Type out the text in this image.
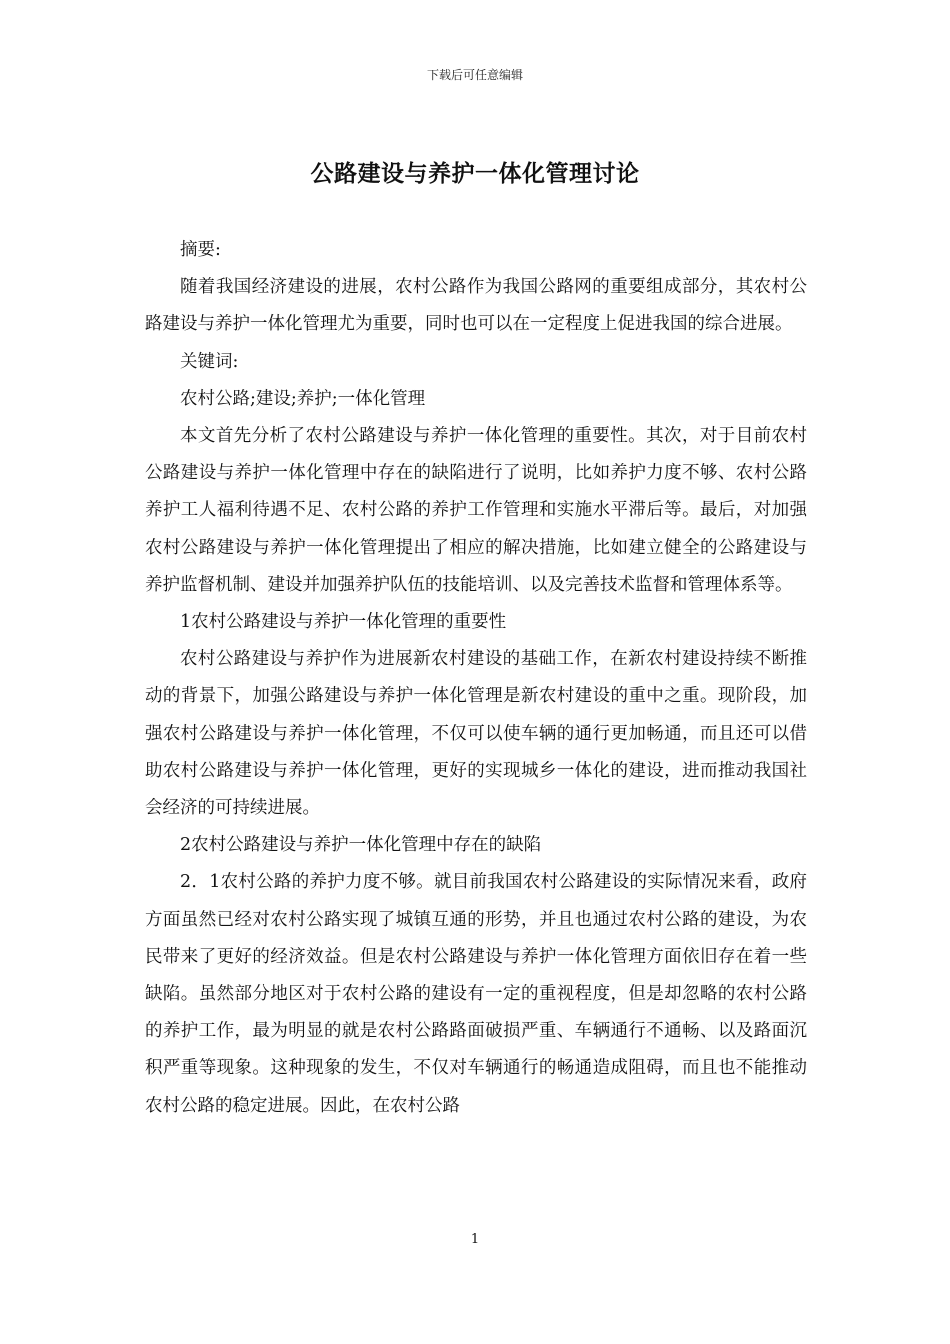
下载后可任意编辑
公路建设与养护一体化管理讨论

摘要:

随着我国经济建设的进展，农村公路作为我国公路网的重要组成部分，其农村公路建设与养护一体化管理尤为重要，同时也可以在一定程度上促进我国的综合进展。

关键词:

农村公路;建设;养护;一体化管理

本文首先分析了农村公路建设与养护一体化管理的重要性。其次，对于目前农村公路建设与养护一体化管理中存在的缺陷进行了说明，比如养护力度不够、农村公路养护工人福利待遇不足、农村公路的养护工作管理和实施水平滞后等。最后，对加强农村公路建设与养护一体化管理提出了相应的解决措施，比如建立健全的公路建设与养护监督机制、建设并加强养护队伍的技能培训、以及完善技术监督和管理体系等。

1农村公路建设与养护一体化管理的重要性

农村公路建设与养护作为进展新农村建设的基础工作，在新农村建设持续不断推动的背景下，加强公路建设与养护一体化管理是新农村建设的重中之重。现阶段，加强农村公路建设与养护一体化管理，不仅可以使车辆的通行更加畅通，而且还可以借助农村公路建设与养护一体化管理，更好的实现城乡一体化的建设，进而推动我国社会经济的可持续进展。

2农村公路建设与养护一体化管理中存在的缺陷

2．1农村公路的养护力度不够。就目前我国农村公路建设的实际情况来看，政府方面虽然已经对农村公路实现了城镇互通的形势，并且也通过农村公路的建设，为农民带来了更好的经济效益。但是农村公路建设与养护一体化管理方面依旧存在着一些缺陷。虽然部分地区对于农村公路的建设有一定的重视程度，但是却忽略的农村公路的养护工作，最为明显的就是农村公路路面破损严重、车辆通行不通畅、以及路面沉积严重等现象。这种现象的发生，不仅对车辆通行的畅通造成阻碍，而且也不能推动农村公路的稳定进展。因此，在农村公路

1
